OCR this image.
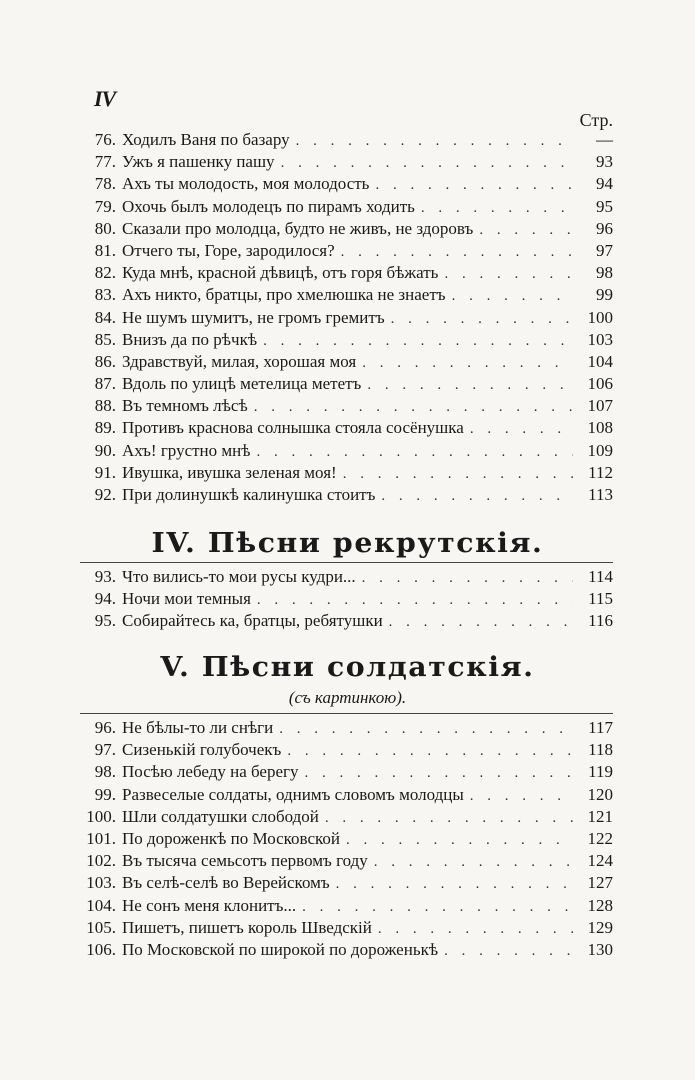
IV
Стр.
76. Ходилъ Ваня по базару . . .	—
77. Ужъ я пашенку пашу . . .	93
78. Ахъ ты молодость, моя молодость . . .	94
79. Охочь былъ молодецъ по пирамъ ходить . . .	95
80. Сказали про молодца, будто не живъ, не здоровъ . . .	96
81. Отчего ты, Горе, зародилося? . . .	97
82. Куда мнѣ, красной дѣвицѣ, отъ горя бѣжать . . .	98
83. Ахъ никто, братцы, про хмелюшка не знаетъ . . .	99
84. Не шумъ шумитъ, не громъ гремитъ . . .	100
85. Внизъ да по рѣчкѣ . . .	103
86. Здравствуй, милая, хорошая моя . . .	104
87. Вдоль по улицѣ метелица мететъ . . .	106
88. Въ темномъ лѣсѣ . . .	107
89. Противъ краснова солнышка стояла сосёнушка . . .	108
90. Ахъ! грустно мнѣ . . .	109
91. Ивушка, ивушка зеленая моя! . . .	112
92. При долинушкѣ калинушка стоитъ . . .	113
IV. Пѣсни рекрутскія.
93. Что вились-то мои русы кудри... . . .	114
94. Ночи мои темныя . . .	115
95. Собирайтесь ка, братцы, ребятушки . . .	116
V. Пѣсни солдатскія.
(съ картинкою).
96. Не бѣлы-то ли снѣги . . .	117
97. Сизенькій голубочекъ . . .	118
98. Посѣю лебеду на берегу . . .	119
99. Развеселые солдаты, однимъ словомъ молодцы . . .	120
100. Шли солдатушки слободой . . .	121
101. По дороженкѣ по Московской . . .	122
102. Въ тысяча семьсотъ первомъ году . . .	124
103. Въ селѣ-селѣ во Верейскомъ . . .	127
104. Не сонъ меня клонитъ... . . .	128
105. Пишетъ, пишетъ король Шведскій . . .	129
106. По Московской по широкой по дороженькѣ . . .	130
